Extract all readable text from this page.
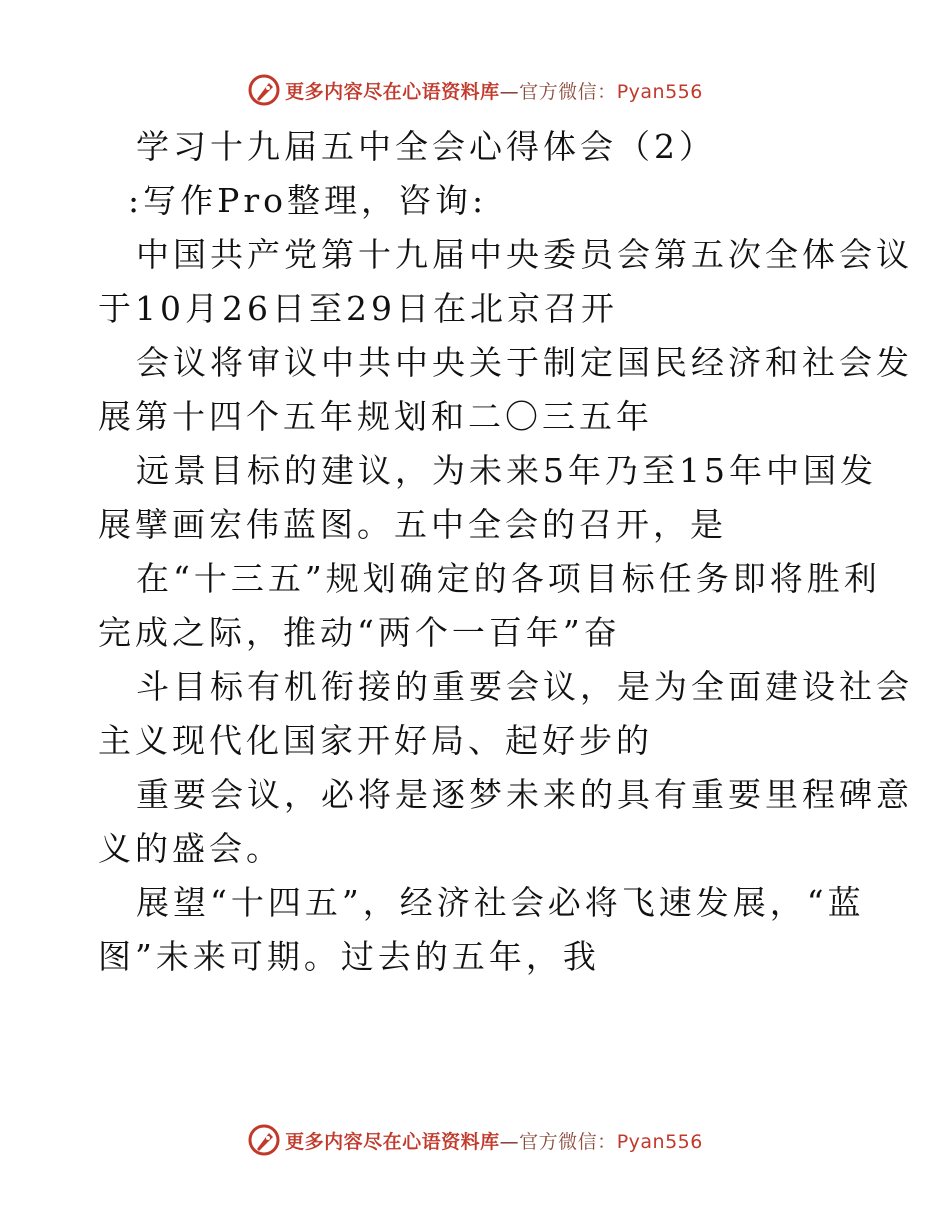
更多内容尽在心语资料库—官方微信：Pyan556

学习十九届五中全会心得体会（2）

:写作Pro整理，咨询:

中国共产党第十九届中央委员会第五次全体会议
于10月26日至29日在北京召开

会议将审议中共中央关于制定国民经济和社会发
展第十四个五年规划和二〇三五年

远景目标的建议，为未来5年乃至15年中国发
展擘画宏伟蓝图。五中全会的召开，是

在“十三五”规划确定的各项目标任务即将胜利
完成之际，推动“两个一百年”奋

斗目标有机衔接的重要会议，是为全面建设社会
主义现代化国家开好局、起好步的

重要会议，必将是逐梦未来的具有重要里程碑意
义的盛会。

展望“十四五”，经济社会必将飞速发展，“蓝
图”未来可期。过去的五年，我

更多内容尽在心语资料库—官方微信：Pyan556
